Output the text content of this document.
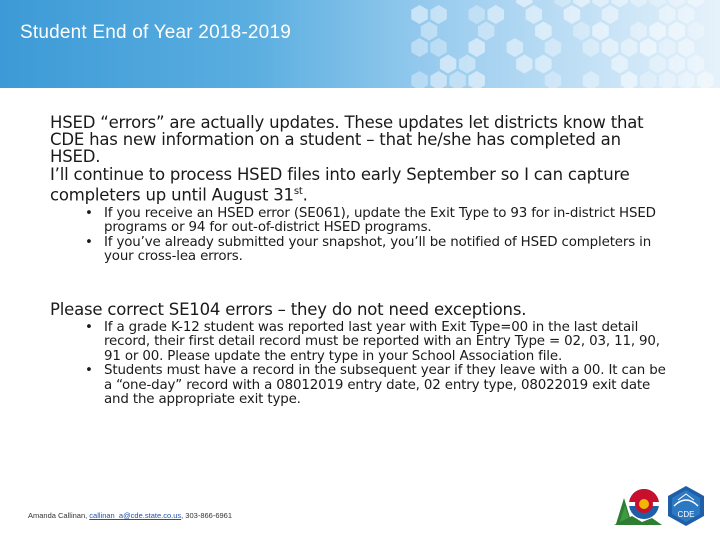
Student End of Year 2018-2019

HSED “errors” are actually updates. These updates let districts know that CDE has new information on a student – that he/she has completed an HSED.

I’ll continue to process HSED files into early September so I can capture completers up until August 31st.

• If you receive an HSED error (SE061), update the Exit Type to 93 for in-district HSED programs or 94 for out-of-district HSED programs.
• If you’ve already submitted your snapshot, you’ll be notified of HSED completers in your cross-lea errors.

Please correct SE104 errors – they do not need exceptions.

• If a grade K-12 student was reported last year with Exit Type=00 in the last detail record, their first detail record must be reported with an Entry Type = 02, 03, 11, 90, 91 or 00. Please update the entry type in your School Association file.
• Students must have a record in the subsequent year if they leave with a 00. It can be a “one-day” record with a 08012019 entry date, 02 entry type, 08022019 exit date and the appropriate exit type.
Amanda Callinan, callinan_a@cde.state.co.us, 303-866-6961	CDE
